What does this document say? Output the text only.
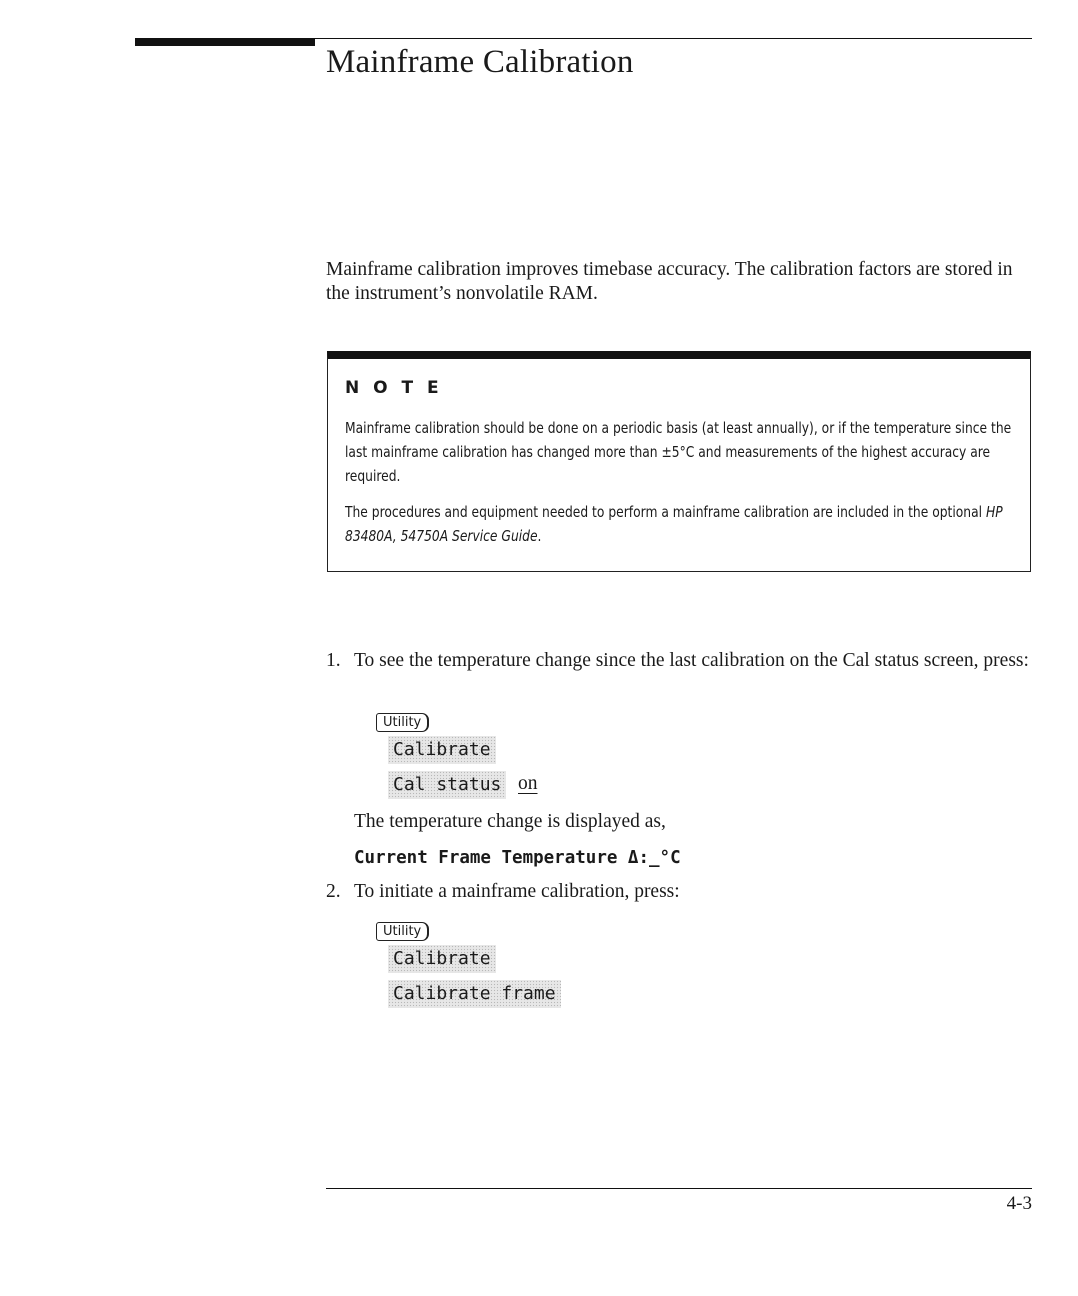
Mainframe Calibration

Mainframe calibration improves timebase accuracy. The calibration factors are stored in the instrument’s nonvolatile RAM.

N O T E

Mainframe calibration should be done on a periodic basis (at least annually), or if the temperature since the last mainframe calibration has changed more than ±5°C and measurements of the highest accuracy are required.

The procedures and equipment needed to perform a mainframe calibration are included in the optional HP 83480A, 54750A Service Guide.

1. To see the temperature change since the last calibration on the Cal status screen, press:
Utility
Calibrate
Cal status on

The temperature change is displayed as,

Current Frame Temperature Δ:_°C

2. To initiate a mainframe calibration, press:
Utility
Calibrate
Calibrate frame
4-3
